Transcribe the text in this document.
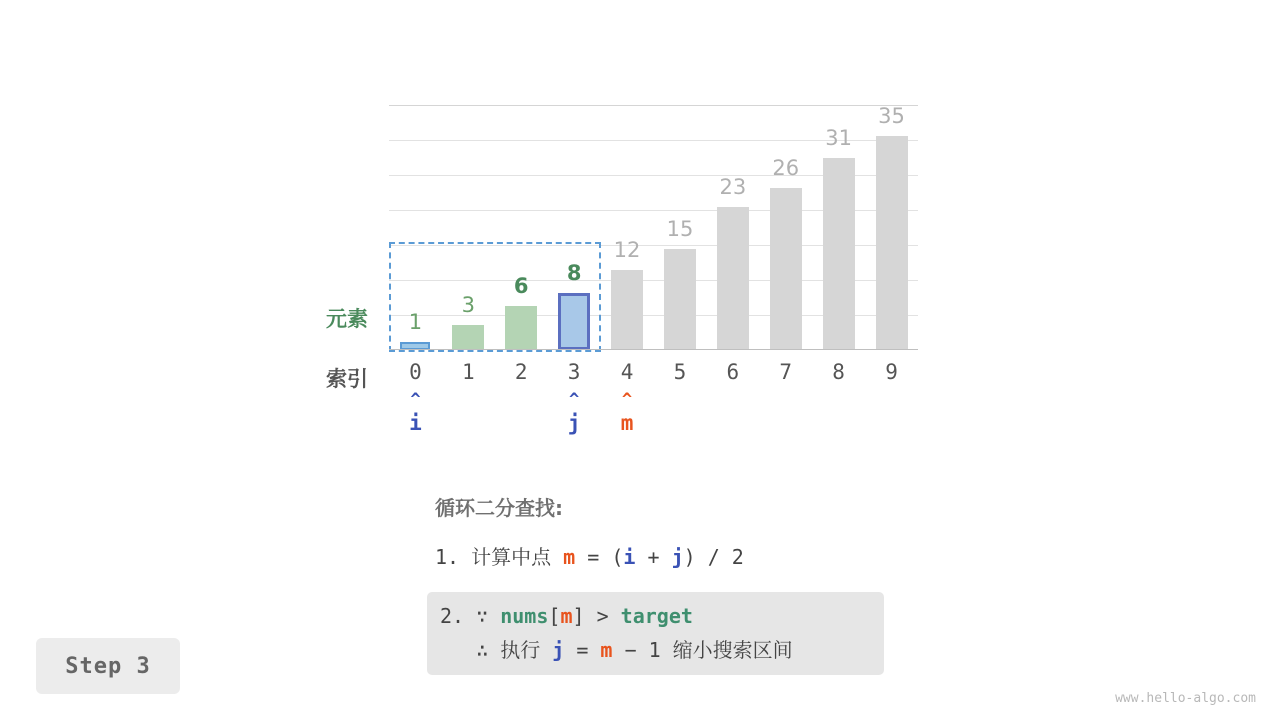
1
3
6
8
12
15
23
26
31
35
0	1	2	3	4	5	6	7	8	9
^
i
^
j
^
m
元素
索引
循环二分查找:
1. 计算中点 m = (i + j) / 2
2. ∵ nums[m] > target
∴ 执行 j = m − 1 缩小搜索区间
Step 3
www.hello-algo.com
